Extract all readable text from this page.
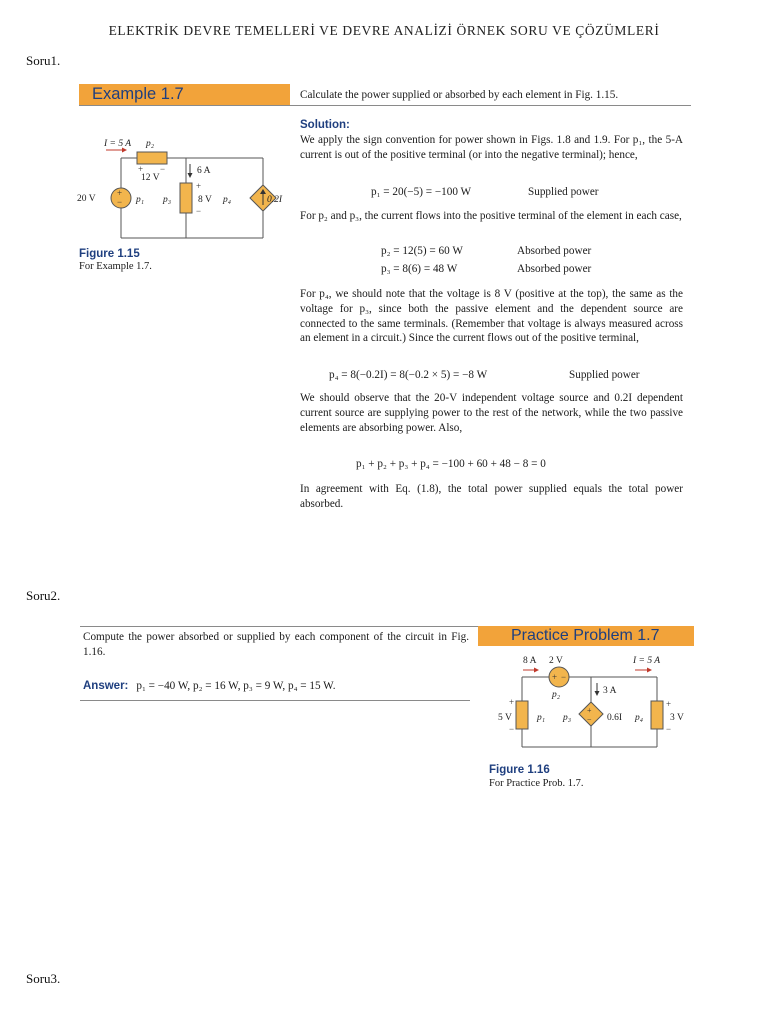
ELEKTRİK DEVRE TEMELLERİ VE DEVRE ANALİZİ ÖRNEK SORU VE ÇÖZÜMLERİ
Soru1.
Example 1.7	Calculate the power supplied or absorbed by each element in Fig. 1.15.
+
−
I = 5 A p₂
+ −
12 V
6 A
20 V	p₁ p₃
+
8 V
−
p₄	0.2I
Figure 1.15
For Example 1.7.
Solution:
We apply the sign convention for power shown in Figs. 1.8 and 1.9. For p₁, the 5-A current is out of the positive terminal (or into the negative terminal); hence,
p₁ = 20(−5) = −100 W	Supplied power
For p₂ and p₃, the current flows into the positive terminal of the element in each case,
p₂ = 12(5) = 60 W	Absorbed power
p₃ = 8(6) = 48 W	Absorbed power
For p₄, we should note that the voltage is 8 V (positive at the top), the same as the voltage for p₃, since both the passive element and the dependent source are connected to the same terminals. (Remember that voltage is always measured across an element in a circuit.) Since the current flows out of the positive terminal,
p₄ = 8(−0.2I) = 8(−0.2 × 5) = −8 W	Supplied power
We should observe that the 20-V independent voltage source and 0.2I dependent current source are supplying power to the rest of the network, while the two passive elements are absorbing power. Also,
p₁ + p₂ + p₃ + p₄ = −100 + 60 + 48 − 8 = 0
In agreement with Eq. (1.8), the total power supplied equals the total power absorbed.
Soru2.
Compute the power absorbed or supplied by each component of the circuit in Fig. 1.16.
Practice Problem 1.7
Answer: p₁ = −40 W, p₂ = 16 W, p₃ = 9 W, p₄ = 15 W.
+ −
+
−
8 A 2 V	I = 5 A
p₂	3 A
+
5 V
−
p₁ p₃	0.6I p₄
+
3 V
−
Figure 1.16
For Practice Prob. 1.7.
Soru3.
